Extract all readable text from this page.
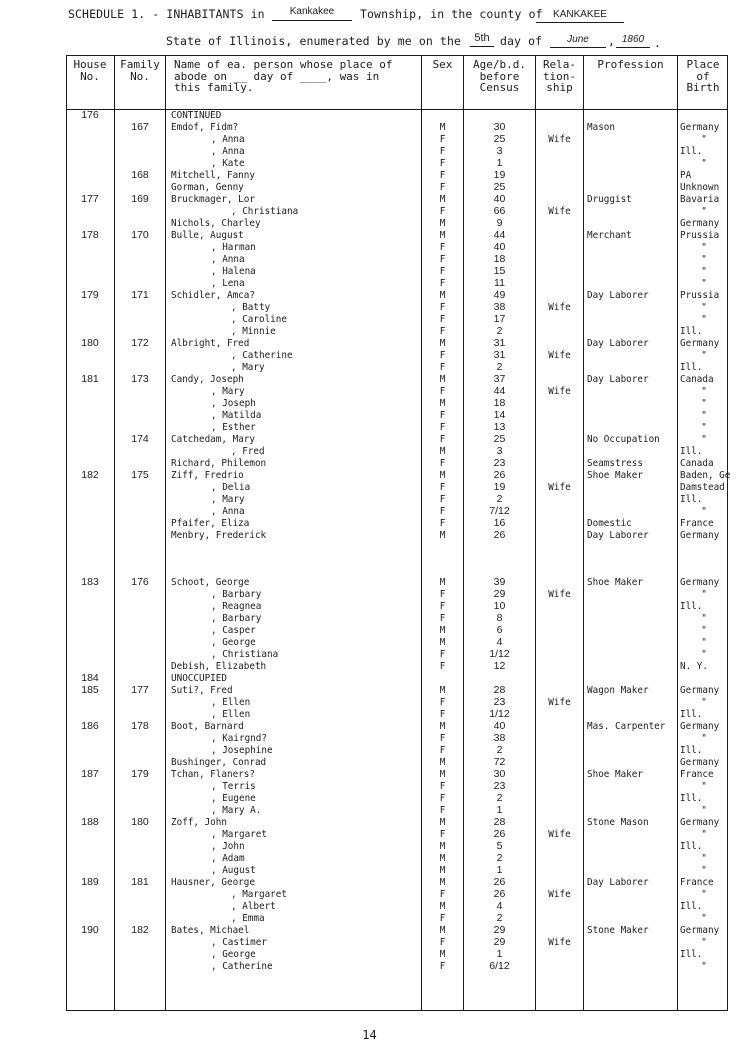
SCHEDULE 1. - INHABITANTS in	Kankakee	Township, in the county of	KANKAKEE
State of Illinois, enumerated by me on the 5th day of	June	, 1860 .
House
No.
Family
No.
Name of ea. person whose place of
abode on __ day of ____, was in
this family.
Sex	Age/b.d.
before
Census
Rela-
tion-
ship
Profession	Place
of
Birth
176	CONTINUED
167	Emdof, Fidm?	M	30	Mason	Germany
, Anna	F	25	Wife	"
, Anna	F	3	Ill.
, Kate	F	1	"
168	Mitchell, Fanny	F	19	PA
Gorman, Genny	F	25	Unknown
177	169	Bruckmager, Lor	M	40	Druggist	Bavaria
, Christiana	F	66	Wife	"
Nichols, Charley	M	9	Germany
178	170	Bulle, August	M	44	Merchant	Prussia
, Harman	F	40	"
, Anna	F	18	"
, Halena	F	15	"
, Lena	F	11	"
179	171	Schidler, Amca?	M	49	Day Laborer	Prussia
, Batty	F	38	Wife	"
, Caroline	F	17	"
, Minnie	F	2	Ill.
180	172	Albright, Fred	M	31	Day Laborer	Germany
, Catherine	F	31	Wife	"
, Mary	F	2	Ill.
181	173	Candy, Joseph	M	37	Day Laborer	Canada
, Mary	F	44	Wife	"
, Joseph	M	18	"
, Matilda	F	14	"
, Esther	F	13	"
174	Catchedam, Mary	F	25	No Occupation	"
, Fred	M	3	Ill.
Richard, Philemon	F	23	Seamstress	Canada
182	175	Ziff, Fredrio	M	26	Shoe Maker	Baden, Ge
, Delia	F	19	Wife	Damstead
, Mary	F	2	Ill.
, Anna	F	7/12	"
Pfaifer, Eliza	F	16	Domestic	France
Menbry, Frederick	M	26	Day Laborer	Germany
183	176	Schoot, George	M	39	Shoe Maker	Germany
, Barbary	F	29	Wife	"
, Reagnea	F	10	Ill.
, Barbary	F	8	"
, Casper	M	6	"
, George	M	4	"
, Christiana	F	1/12	"
Debish, Elizabeth	F	12	N. Y.
184	UNOCCUPIED
185	177	Suti?, Fred	M	28	Wagon Maker	Germany
, Ellen	F	23	Wife	"
, Ellen	F	1/12	Ill.
186	178	Boot, Barnard	M	40	Mas. Carpenter	Germany
, Kairgnd?	F	38	"
, Josephine	F	2	Ill.
Bushinger, Conrad	M	72	Germany
187	179	Tchan, Flaners?	M	30	Shoe Maker	France
, Terris	F	23	"
, Eugene	F	2	Ill.
, Mary A.	F	1	"
188	180	Zoff, John	M	28	Stone Mason	Germany
, Margaret	F	26	Wife	"
, John	M	5	Ill.
, Adam	M	2	"
, August	M	1	"
189	181	Hausner, George	M	26	Day Laborer	France
, Margaret	F	26	Wife	"
, Albert	M	4	Ill.
, Emma	F	2	"
190	182	Bates, Michael	M	29	Stone Maker	Germany
, Castimer	F	29	Wife	"
, George	M	1	Ill.
, Catherine	F	6/12	"
14
